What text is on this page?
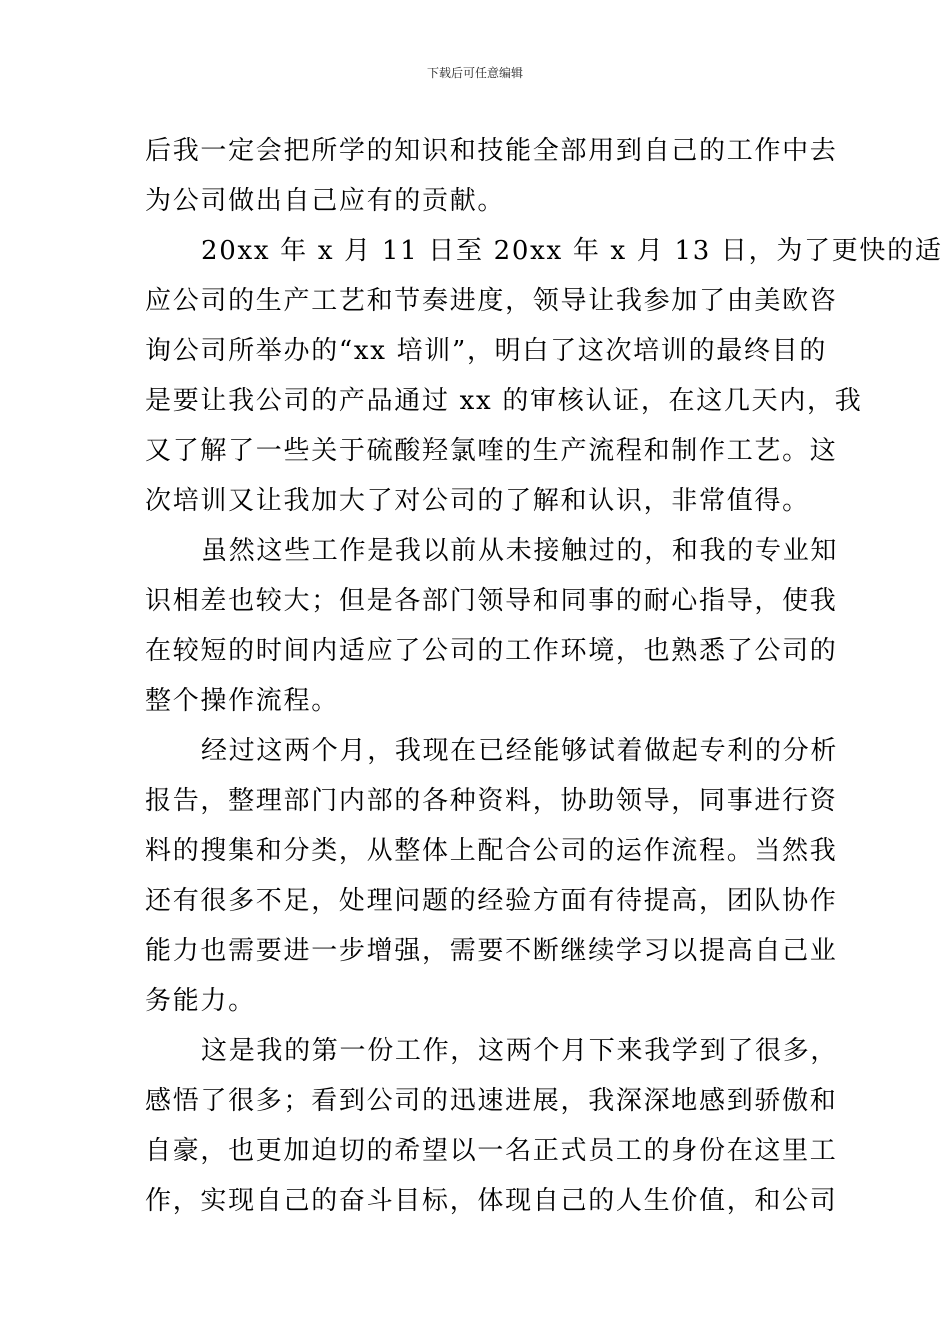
下载后可任意编辑
后我一定会把所学的知识和技能全部用到自己的工作中去
为公司做出自己应有的贡献。
20xx 年 x 月 11 日至 20xx 年 x 月 13 日，为了更快的适
应公司的生产工艺和节奏进度，领导让我参加了由美欧咨
询公司所举办的“xx 培训”，明白了这次培训的最终目的
是要让我公司的产品通过 xx 的审核认证，在这几天内，我
又了解了一些关于硫酸羟氯喹的生产流程和制作工艺。这
次培训又让我加大了对公司的了解和认识，非常值得。
虽然这些工作是我以前从未接触过的，和我的专业知
识相差也较大；但是各部门领导和同事的耐心指导，使我
在较短的时间内适应了公司的工作环境，也熟悉了公司的
整个操作流程。
经过这两个月，我现在已经能够试着做起专利的分析
报告，整理部门内部的各种资料，协助领导，同事进行资
料的搜集和分类，从整体上配合公司的运作流程。当然我
还有很多不足，处理问题的经验方面有待提高，团队协作
能力也需要进一步增强，需要不断继续学习以提高自己业
务能力。
这是我的第一份工作，这两个月下来我学到了很多，
感悟了很多；看到公司的迅速进展，我深深地感到骄傲和
自豪，也更加迫切的希望以一名正式员工的身份在这里工
作，实现自己的奋斗目标，体现自己的人生价值，和公司
